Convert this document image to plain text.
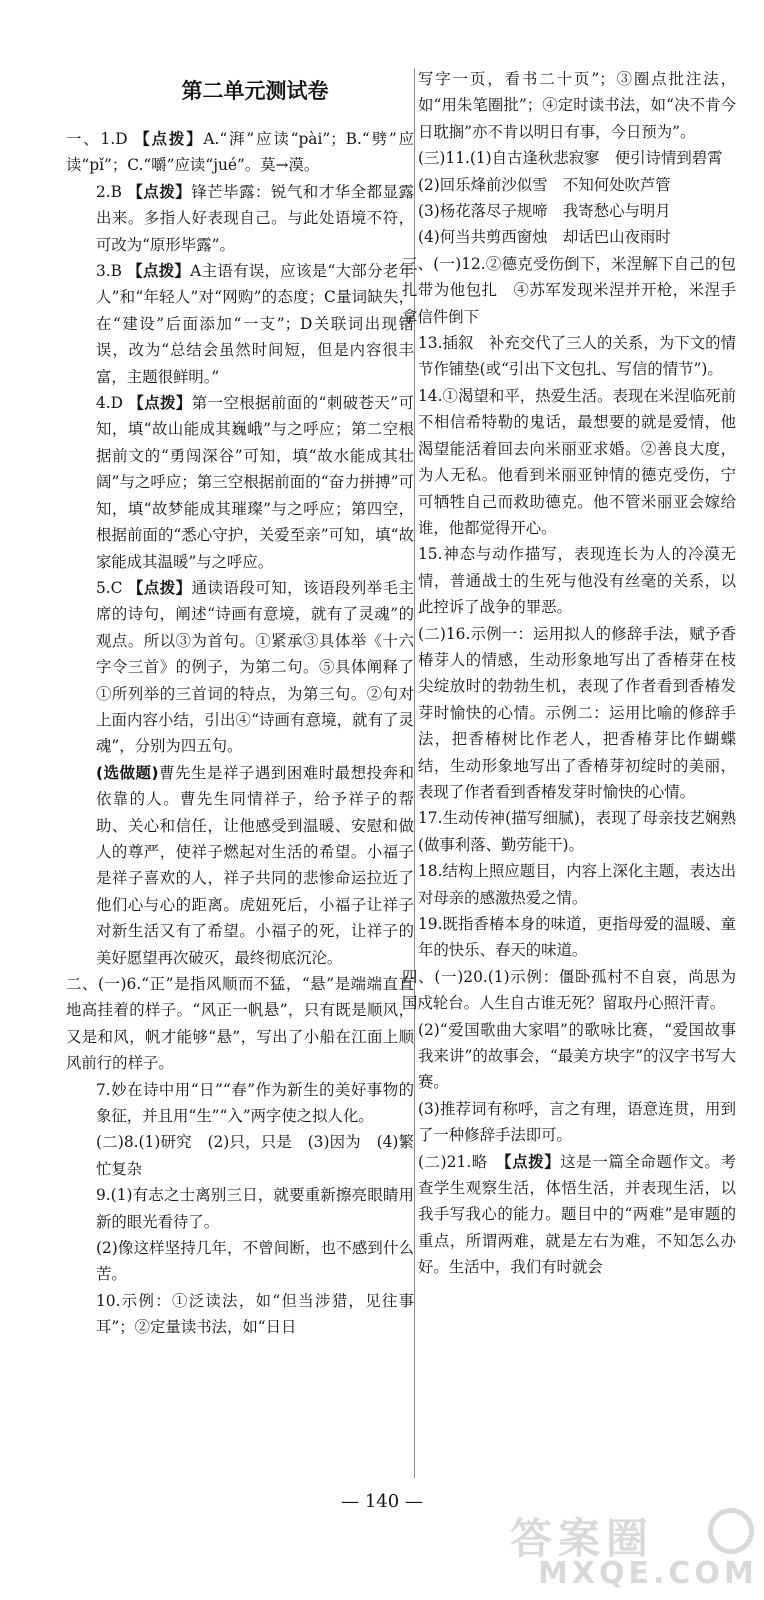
第二单元测试卷

一、1.D 【点拨】A.“湃”应读“pài”；B.“劈”应读“pǐ”；C.“嚼”应读“jué”。莫→漠。

2.B 【点拨】锋芒毕露：锐气和才华全都显露出来。多指人好表现自己。与此处语境不符，可改为“原形毕露”。

3.B 【点拨】A主语有误，应该是“大部分老年人”和“年轻人”对“网购”的态度；C量词缺失，在“建设”后面添加“一支”；D关联词出现错误，改为“总结会虽然时间短，但是内容很丰富，主题很鲜明。”

4.D 【点拨】第一空根据前面的“刺破苍天”可知，填“故山能成其巍峨”与之呼应；第二空根据前文的“勇闯深谷”可知，填“故水能成其壮阔”与之呼应；第三空根据前面的“奋力拼搏”可知，填“故梦能成其璀璨”与之呼应；第四空，根据前面的“悉心守护，关爱至亲”可知，填“故家能成其温暖”与之呼应。

5.C 【点拨】通读语段可知，该语段列举毛主席的诗句，阐述“诗画有意境，就有了灵魂”的观点。所以③为首句。①紧承③具体举《十六字令三首》的例子，为第二句。⑤具体阐释了①所列举的三首词的特点，为第三句。②句对上面内容小结，引出④“诗画有意境，就有了灵魂”，分别为四五句。

(选做题)曹先生是祥子遇到困难时最想投奔和依靠的人。曹先生同情祥子，给予祥子的帮助、关心和信任，让他感受到温暖、安慰和做人的尊严，使祥子燃起对生活的希望。小福子是祥子喜欢的人，祥子共同的悲惨命运拉近了他们心与心的距离。虎妞死后，小福子让祥子对新生活又有了希望。小福子的死，让祥子的美好愿望再次破灭，最终彻底沉沦。

二、(一)6.“正”是指风顺而不猛，“悬”是端端直直地高挂着的样子。“风正一帆悬”，只有既是顺风，又是和风，帆才能够“悬”，写出了小船在江面上顺风前行的样子。

7.妙在诗中用“日”“春”作为新生的美好事物的象征，并且用“生”“入”两字使之拟人化。

(二)8.(1)研究　(2)只，只是　(3)因为　(4)繁忙复杂

9.(1)有志之士离别三日，就要重新擦亮眼睛用新的眼光看待了。

(2)像这样坚持几年，不曾间断，也不感到什么苦。

10.示例：①泛读法，如“但当涉猎，见往事耳”；②定量读书法，如“日日

写字一页，看书二十页”；③圈点批注法，如“用朱笔圈批”；④定时读书法，如“决不肯今日耽搁”亦不肯以明日有事，今日预为”。

(三)11.(1)自古逢秋悲寂寥　便引诗情到碧霄

(2)回乐烽前沙似雪　不知何处吹芦管

(3)杨花落尽子规啼　我寄愁心与明月

(4)何当共剪西窗烛　却话巴山夜雨时

三、(一)12.②德克受伤倒下，米涅解下自己的包扎带为他包扎　④苏军发现米涅并开枪，米涅手拿信件倒下

13.插叙　补充交代了三人的关系，为下文的情节作铺垫(或“引出下文包扎、写信的情节”)。

14.①渴望和平，热爱生活。表现在米涅临死前不相信希特勒的鬼话，最想要的就是爱情，他渴望能活着回去向米丽亚求婚。②善良大度，为人无私。他看到米丽亚钟情的德克受伤，宁可牺牲自己而救助德克。他不管米丽亚会嫁给谁，他都觉得开心。

15.神态与动作描写，表现连长为人的冷漠无情，普通战士的生死与他没有丝毫的关系，以此控诉了战争的罪恶。

(二)16.示例一：运用拟人的修辞手法，赋予香椿芽人的情感，生动形象地写出了香椿芽在枝尖绽放时的勃勃生机，表现了作者看到香椿发芽时愉快的心情。示例二：运用比喻的修辞手法，把香椿树比作老人，把香椿芽比作蝴蝶结，生动形象地写出了香椿芽初绽时的美丽，表现了作者看到香椿发芽时愉快的心情。

17.生动传神(描写细腻)，表现了母亲技艺娴熟(做事利落、勤劳能干)。

18.结构上照应题目，内容上深化主题，表达出对母亲的感激热爱之情。

19.既指香椿本身的味道，更指母爱的温暖、童年的快乐、春天的味道。

四、(一)20.(1)示例：僵卧孤村不自哀，尚思为国戍轮台。人生自古谁无死？留取丹心照汗青。

(2)“爱国歌曲大家唱”的歌咏比赛，“爱国故事我来讲”的故事会，“最美方块字”的汉字书写大赛。

(3)推荐词有称呼，言之有理，语意连贯，用到了一种修辞手法即可。

(二)21.略　【点拨】这是一篇全命题作文。考查学生观察生活，体悟生活，并表现生活，以我手写我心的能力。题目中的“两难”是审题的重点，所谓两难，就是左右为难，不知怎么办好。生活中，我们有时就会

— 140 —
答案圈
MXQE.COM
